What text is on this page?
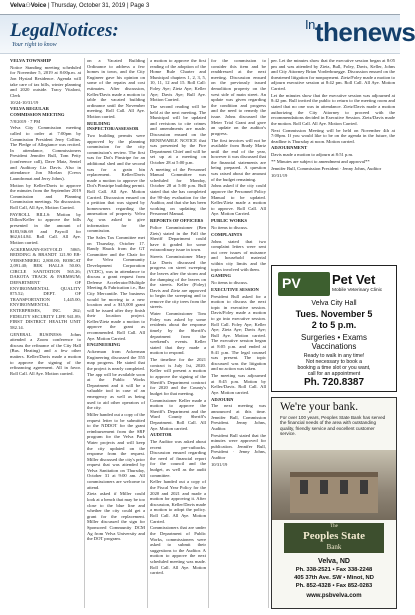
Velva⚇Voice | Thursday, October 31, 2019 | Page 3
LegalNotices:
Your right to know
$^{In}$thenews

VELVA TOWNSHIP

Notice Standing meeting scheduled for November 5, 2019 at 8:00p.m. at Jon Hystad Residence. Agenda will take care of tax bills, winter planning and 2020 outside. Tracy Vitaloni, Clerk

10/24-10/31/19

VELVA REGULAR COMMISSION MEETING

7/8/2019 · 7 PM

Velva City Commission meeting called to order at 7:00pm by Commission President Jerry Collins. The Pledge of Allegiance was recited. In attendance, Commissioners President Jennifer Bull, Tom Petty (conference call), Dave Matz, Sentel and Auditory Liz Davis. Also in attendance Jon Morlan (Crews Laundromat and Jerry Johns).

Motion by Keller/Davis to approve the minutes from the September 2019 Commission and Planning Commission meetings. No discussion. Roll Call, All Aye, Motion Carried.

PAYROLL BILLS: Motion by Dillon/Keller to approve the bills presented in the amount of $183,946.69 and Payroll for $62,614.84. Roll Call. All Aye. Motion carried.

ACKERMANN-ESTVOLD 5065; BEDDING & BRANDT 121.90 EB-VERSENBERG 2,800.00; BOBCAT 2,091.40; BEK HALLS 50.00; CIRCLE SANITATION 565.26; DAKOTA TRACK & FARMSUM; DEPARTMENT OF ENVIRONMENTAL QUALITY 875.52; DEPT. OF TRANSPORTATION 1,445.00; ENVIRONMENTAL ENTERPRISES, INC. 262; FIDELITY SECURITY LIFE 941.89; FIRST DISTRICT HEALTH UNIT 582.14.

GENERAL BUSINESS: Johns attended a Zoom conference to discuss the refinance of the City Hall (Bus. Heating) and a few other matters. Keller/Davis made a motion to approve the signing of the refinancing agreement. All in favor. Roll Call. All Aye. Motion carried.

on a Vacated Building Ordinance to address a few homes in town, and the City Engineer gave his opinion on some of the repairs and cost estimates. After discussion, Keller/Davis made a motion to table the vacated building ordinance until the November meeting. Roll Call. All Aye. Motion carried.

BUILDING INSPECTOR/ASSESSOR

Two building permits were approved by the planning commission for the city commission's review. The first was for Dot's Pinstripe for an additional shed and the second was for a grain bin replacement. Keller/Davis made a motion to approve the Dot's Pinstripe building permit. Roll Call. All Aye. Motion Carried. Discussion ensued on a petition that was signed by homeowners regarding the annexation of property. Velva Ag was asked to give information for the commission.

The Sales Tax Committee met on Thursday, October 17. Randy Hauck from the GT Committee and the Chair for the Velva Community Development Corporation (VCDC), was in attendance to discuss a grant request from Defense Accelerator/Multiple Meeting & Fabrication i.e., Bar City Mercantile. The business would be moving to a new location and a $15,000 grant will be issued after they finish their location project. Keller/Zietz made a motion to approve the grant as recommended. Roll Call. All Aye. Motion Carried.

ENGINEERING

Ackerman from Ackerman Engineering discussed the 555 map progress. He stated that the project is nearly completed. The app will be available soon at the Public Works Department and it will be a valuable tool in case of an emergency as well as being used to aid other operators of the city.

Miller handed out a copy of the request letter to be submitted to the NDDOT for the grant reimbursement from the SRF program for the Velva Park Water projects and will keep the city updated on the response from the request. Miller discussed the city's prior request that was attended by Velva Sanitation on Thursday, October 31 at 9:00 am. All commissioners are welcome to attend.

Zietz asked if Miller could look at a bench that may be too close to the blue line and whether the city could get a grant for the replacement. Miller discussed the sign for Sponsored Community DCM Ag from Velva University and the DOT program.

a motion to approve the first reading of the adoption of the Home Rule Charter and Municipal chapters 1, 2, 3, 5, 10, 11, 12 and 15. Roll Call: Foley Aye; Zietz Aye; Keller Aye; Davis Aye; Bull Aye. Motion Carried.

The second reading will be held at the next meeting. The Municipal will be updated and revisions to cite crimes and amendments are made. Discussion ensued on the RENEWABLE NOTICE that was presented by the Fire Department Chief and will be set up at a meeting on October 28 at 5:00 p.m.

A meeting of the Personnel Manual Committee was scheduled for Monday, October 28 at 5:00 p.m. Bull stated that she has completed the 90-day evaluation for the Auditor, and that she has been working on updating the Personnel Manual.

REPORTS OF OFFICERS

Police Commissioner (Ben Ziets) stated in the Fall the Sheriff Department could have it graded for some extraordinary issue in town.

Streets Commissioner Mary Liz Davis discussed the progress on street sweeping the leaves after the storm and the dumping of the leaves on the streets. Keller (Foley) Davis and Zietz are approved to begin the sweeping and to remove the city trees from the streets.

Water Commissioner Tom Foley was asked by some residents about the response timely by the Sheriff's department from the weekend's events. Keller stated that they made a motion to respond.

The timeline for the 2021 contract is July 1st, 2020. Keller will present a motion to approve the signing of the Sheriff's Department contract for 2020 and the County's budget for that meeting.

Commissioner Keller made a motion to approve the Sheriff's Department and the Ward County Sheriff's Department. Roll Call. All Aye. Motion carried.

AUDITOR

The Auditor was asked about recent pre-cutbacks. Discussion ensued regarding the need of financial report for the council and the budget, as well as the audit committee.

Keller handed out a copy of the Fiscal Year Policy for the 2020 and 2021 and made a motion for approving it. After discussion, Keller/Davis made a motion to adopt the policy. Roll Call. All Aye. Motion Carried.

Commissioners that are under the Department of Public Works, commissioners were asked to submit their suggestions to the Auditor. A motion to approve the next scheduled meeting was made. Roll Call. All Aye. Motion carried.

for the commission to consider this item and be readdressed at the next meeting. Discussion ensued on the previously issued demolition property on the west side of main street. An update was given regarding the condition and progress and the need to remedy the issue. Johns discussed the Meter Trial Grant and gave an update on the auditor's progress.

The first invoices will not be available from Brady Martz until the end of the year, however it was discussed that the financial statements are being prepared. A question was raised about the amount of the budget remaining.

Johns asked if the city could approve the Personnel Policy Manual to be updated. Keller/Zietz made a motion to approve. Roll Call. All Aye. Motion Carried.

PUBLIC WORKS

No items to discuss.

COMPLAINTS

Johns stated that two complaint letters were sent out over issues of nuisance and household material within city limits and the topics involved with them.

GAMING

No items to discuss.

EXECUTIVE SESSION

President Bull asked for a motion to discuss the next topic in executive session. Davis/Foley made a motion to go into executive session. Roll Call. Foley Aye; Keller Aye; Zietz Aye; Davis Aye; Bull Aye. Motion carried. The executive session began at 8:05 p.m. and ended at 8:41 p.m. The legal counsel was present. The topic discussed was the litigation and no action was taken.

The meeting was adjourned at 8:45 p.m. Motion by Keller/Davis. Roll Call. All Aye. Motion carried.

ADJOURN

The next meeting was announced at this time. Jennifer Bull, Commission President. Jenny Johns, Auditor.

President Bull stated that the minutes were approved for publication. Jennifer Bull, President · Jenny Johns, Auditor

10/31/19

per. Let the minutes show that the executive session began at 8:05 pm and was attended by Zietz, Bull, Foley, Davis, Keller, Johns and City Attorney Brian Vorderbruegge. Discussion ensued on the threatened litigation for nonpayment. Zietz/Foley made a motion to adjourn executive session at 8:42 pm. Roll Call. All Aye. Motion Carried.

Let the minutes show that the executive session was adjourned at 8:42 pm. Bull invited the public to return to the meeting room and stated that no one was in attendance. Zietz/Davis made a motion authorizing the City Attorney to proceed with the recommendations decided in Executive Session. Zietz/Davis made the motion. Roll Call. All Aye. Motion Carried.

Next Commission Meeting will be held on November 4th at 7:00pm. If you would like to be on the agenda in the future, the deadline is Thursday at noon. Motion carried.

ADJOURNMENT

Davis made a motion to adjourn at 8:51 p.m.

** Minutes are subject to amendment and approval**

Jennifer Bull, Commission President · Jenny Johns, Auditor

10/31/19

PV Pet Vet
Mobile Veterinary Clinic
Velva City Hall
Tues. November 5
2 to 5 p.m.
Surgeries • Exams
Vaccinations
Ready to walk in any time!
Not necessary to book a
booking a time slot or you want,
call for an appointment
Ph. 720.8387
We're your bank.
For over 100 years, Peoples State Bank has served the financial needs of the area with outstanding quality, friendly service and excellent customer service.
The
Peoples State
Bank
Velva, ND
Ph. 338-2521 • Fax 338-2248
405 37th Ave. SW • Minot, ND
Ph. 852-4328 • Fax 852-0283
www.psbvelva.com
